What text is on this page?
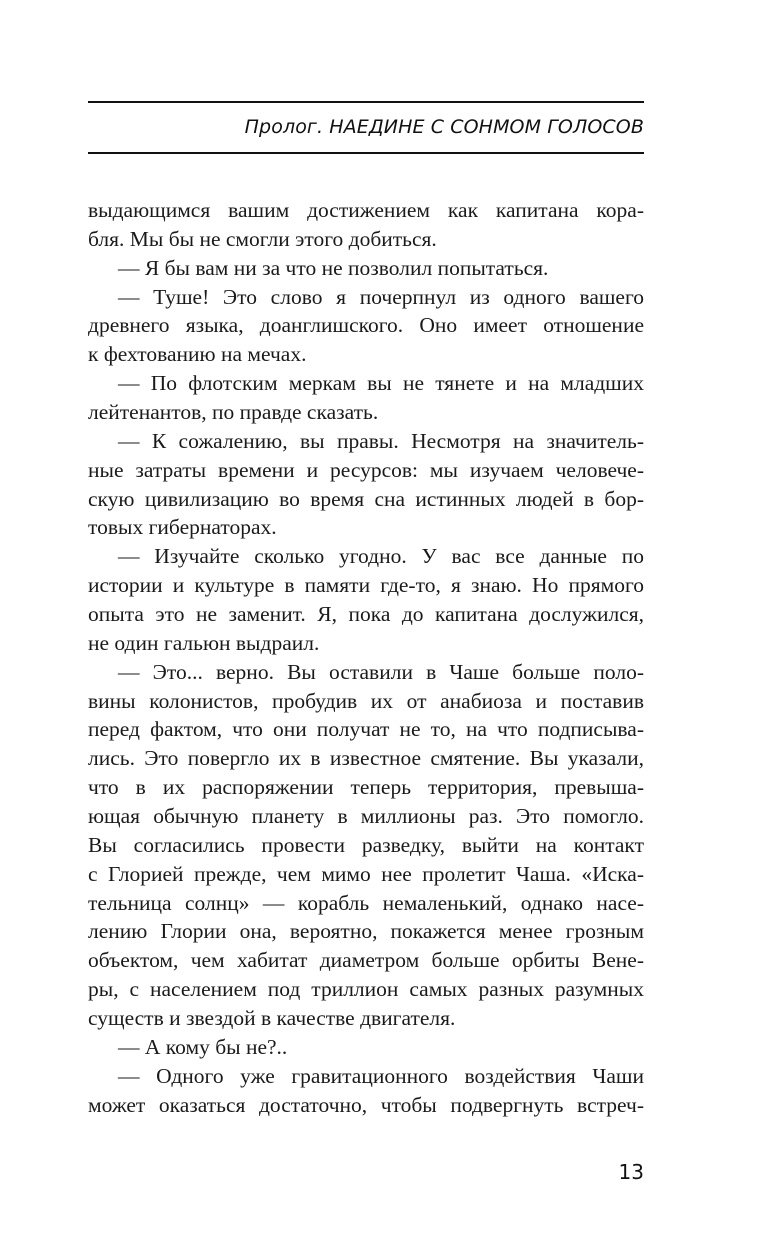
Пролог. НАЕДИНЕ С СОНМОМ ГОЛОСОВ
выдающимся вашим достижением как капитана кора-
бля. Мы бы не смогли этого добиться.
— Я бы вам ни за что не позволил попытаться.
— Туше! Это слово я почерпнул из одного вашего
древнего языка, доанглишского. Оно имеет отношение
к фехтованию на мечах.
— По флотским меркам вы не тянете и на младших
лейтенантов, по правде сказать.
— К сожалению, вы правы. Несмотря на значитель-
ные затраты времени и ресурсов: мы изучаем человече-
скую цивилизацию во время сна истинных людей в бор-
товых гибернаторах.
— Изучайте сколько угодно. У вас все данные по
истории и культуре в памяти где-то, я знаю. Но прямого
опыта это не заменит. Я, пока до капитана дослужился,
не один гальюн выдраил.
— Это... верно. Вы оставили в Чаше больше поло-
вины колонистов, пробудив их от анабиоза и поставив
перед фактом, что они получат не то, на что подписыва-
лись. Это повергло их в известное смятение. Вы указали,
что в их распоряжении теперь территория, превыша-
ющая обычную планету в миллионы раз. Это помогло.
Вы согласились провести разведку, выйти на контакт
с Глорией прежде, чем мимо нее пролетит Чаша. «Иска-
тельница солнц» — корабль немаленький, однако насе-
лению Глории она, вероятно, покажется менее грозным
объектом, чем хабитат диаметром больше орбиты Вене-
ры, с населением под триллион самых разных разумных
существ и звездой в качестве двигателя.
— А кому бы не?..
— Одного уже гравитационного воздействия Чаши
может оказаться достаточно, чтобы подвергнуть встреч-
13
